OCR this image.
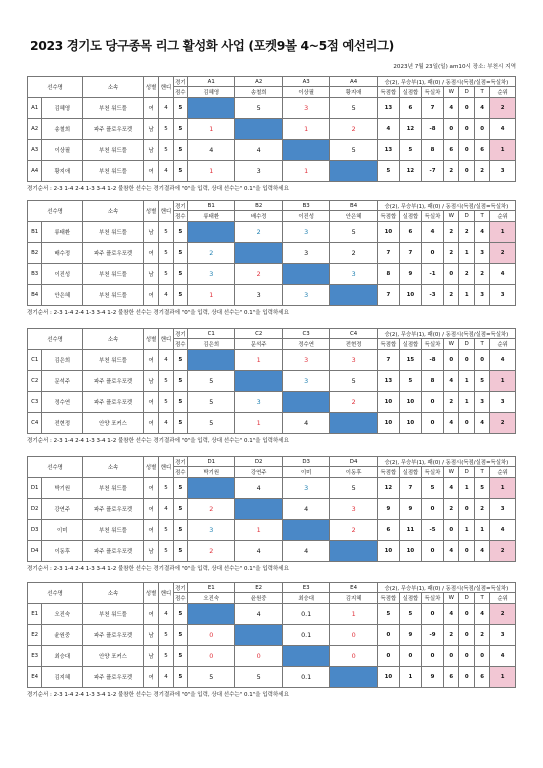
2023 경기도 당구종목 리그 활성화 사업 (포켓9볼 4~5점 예선리그)
2023년 7월 23일(일) am10시 장소: 부천시 지역
선수명		소속	성별	핸디	경기	A1	A2	A3	A4	승(2), 무승부(1), 패(0) / 동점시(득점/실점=득실차)						
					점수	김혜영	송철희	이상필	황지애	득점합	실점합	득실차	W	D	T	순위
A1	김혜영	부천 워드풀	여	4	5		5	3	5	13	6	7	4	0	4	2
A2	송철희	파주 플로우포켓	남	5	5	1		1	2	4	12	-8	0	0	0	4
A3	이상필	부천 워드풀	남	5	5	4	4		5	13	5	8	6	0	6	1
A4	황지애	부천 워드풀	여	4	5	1	3	1		5	12	-7	2	0	2	3
경기순서 : 2-3 1-4 2-4 1-3 3-4 1-2 불참한 선수는 경기결과에 "0"을 입력, 상대 선수는" 0.1"을 입력하세요
선수명		소속	성별	핸디	경기	B1	B2	B3	B4	승(2), 무승부(1), 패(0) / 동점시(득점/실점=득실차)						
					점수	류태환	배수정	이진성	안은혜	득점합	실점합	득실차	W	D	T	순위
B1	류태환	부천 워드풀	남	5	5		2	3	5	10	6	4	2	2	4	1
B2	배수정	파주 플로우포켓	여	5	5	2		3	2	7	7	0	2	1	3	2
B3	이진성	부천 워드풀	남	5	5	3	2		3	8	9	-1	0	2	2	4
B4	안은혜	부천 워드풀	여	4	5	1	3	3		7	10	-3	2	1	3	3
경기순서 : 2-3 1-4 2-4 1-3 3-4 1-2 불참한 선수는 경기결과에 "0"을 입력, 상대 선수는" 0.1"을 입력하세요
선수명		소속	성별	핸디	경기	C1	C2	C3	C4	승(2), 무승부(1), 패(0) / 동점시(득점/실점=득실차)						
					점수	김은희	문석주	정수연	전현정	득점합	실점합	득실차	W	D	T	순위
C1	김은희	부천 워드풀	여	4	5		1	3	3	7	15	-8	0	0	0	4
C2	문석주	파주 플로우포켓	남	5	5	5		3	5	13	5	8	4	1	5	1
C3	정수연	파주 플로우포켓	여	5	5	5	3		2	10	10	0	2	1	3	3
C4	전현정	안양 포커스	여	4	5	5	1	4		10	10	0	4	0	4	2
경기순서 : 2-3 1-4 2-4 1-3 3-4 1-2 불참한 선수는 경기결과에 "0"을 입력, 상대 선수는" 0.1"을 입력하세요
선수명		소속	성별	핸디	경기	D1	D2	D3	D4	승(2), 무승부(1), 패(0) / 동점시(득점/실점=득실차)						
					점수	박기원	강연주	이미	이동후	득점합	실점합	득실차	W	D	T	순위
D1	박기원	부천 워드풀	여	5	5		4	3	5	12	7	5	4	1	5	1
D2	강연주	파주 플로우포켓	여	4	5	2		4	3	9	9	0	2	0	2	3
D3	이미	부천 워드풀	여	5	5	3	1		2	6	11	-5	0	1	1	4
D4	이동후	파주 플로우포켓	남	5	5	2	4	4		10	10	0	4	0	4	2
경기순서 : 2-3 1-4 2-4 1-3 3-4 1-2 불참한 선수는 경기결과에 "0"을 입력, 상대 선수는" 0.1"을 입력하세요
선수명		소속	성별	핸디	경기	E1	E2	E3	E4	승(2), 무승부(1), 패(0) / 동점시(득점/실점=득실차)						
					점수	오진숙	윤원중	최승대	김지혜	득점합	실점합	득실차	W	D	T	순위
E1	오진숙	부천 워드풀	여	4	5		4	0.1	1	5	5	0	4	0	4	2
E2	윤원중	파주 플로우포켓	남	5	5	0		0.1	0	0	9	-9	2	0	2	3
E3	최승대	안양 포커스	남	5	5	0	0		0	0	0	0	0	0	0	4
E4	김지혜	파주 플로우포켓	여	4	5	5	5	0.1		10	1	9	6	0	6	1
경기순서 : 2-3 1-4 2-4 1-3 3-4 1-2 불참한 선수는 경기결과에 "0"을 입력, 상대 선수는" 0.1"을 입력하세요
